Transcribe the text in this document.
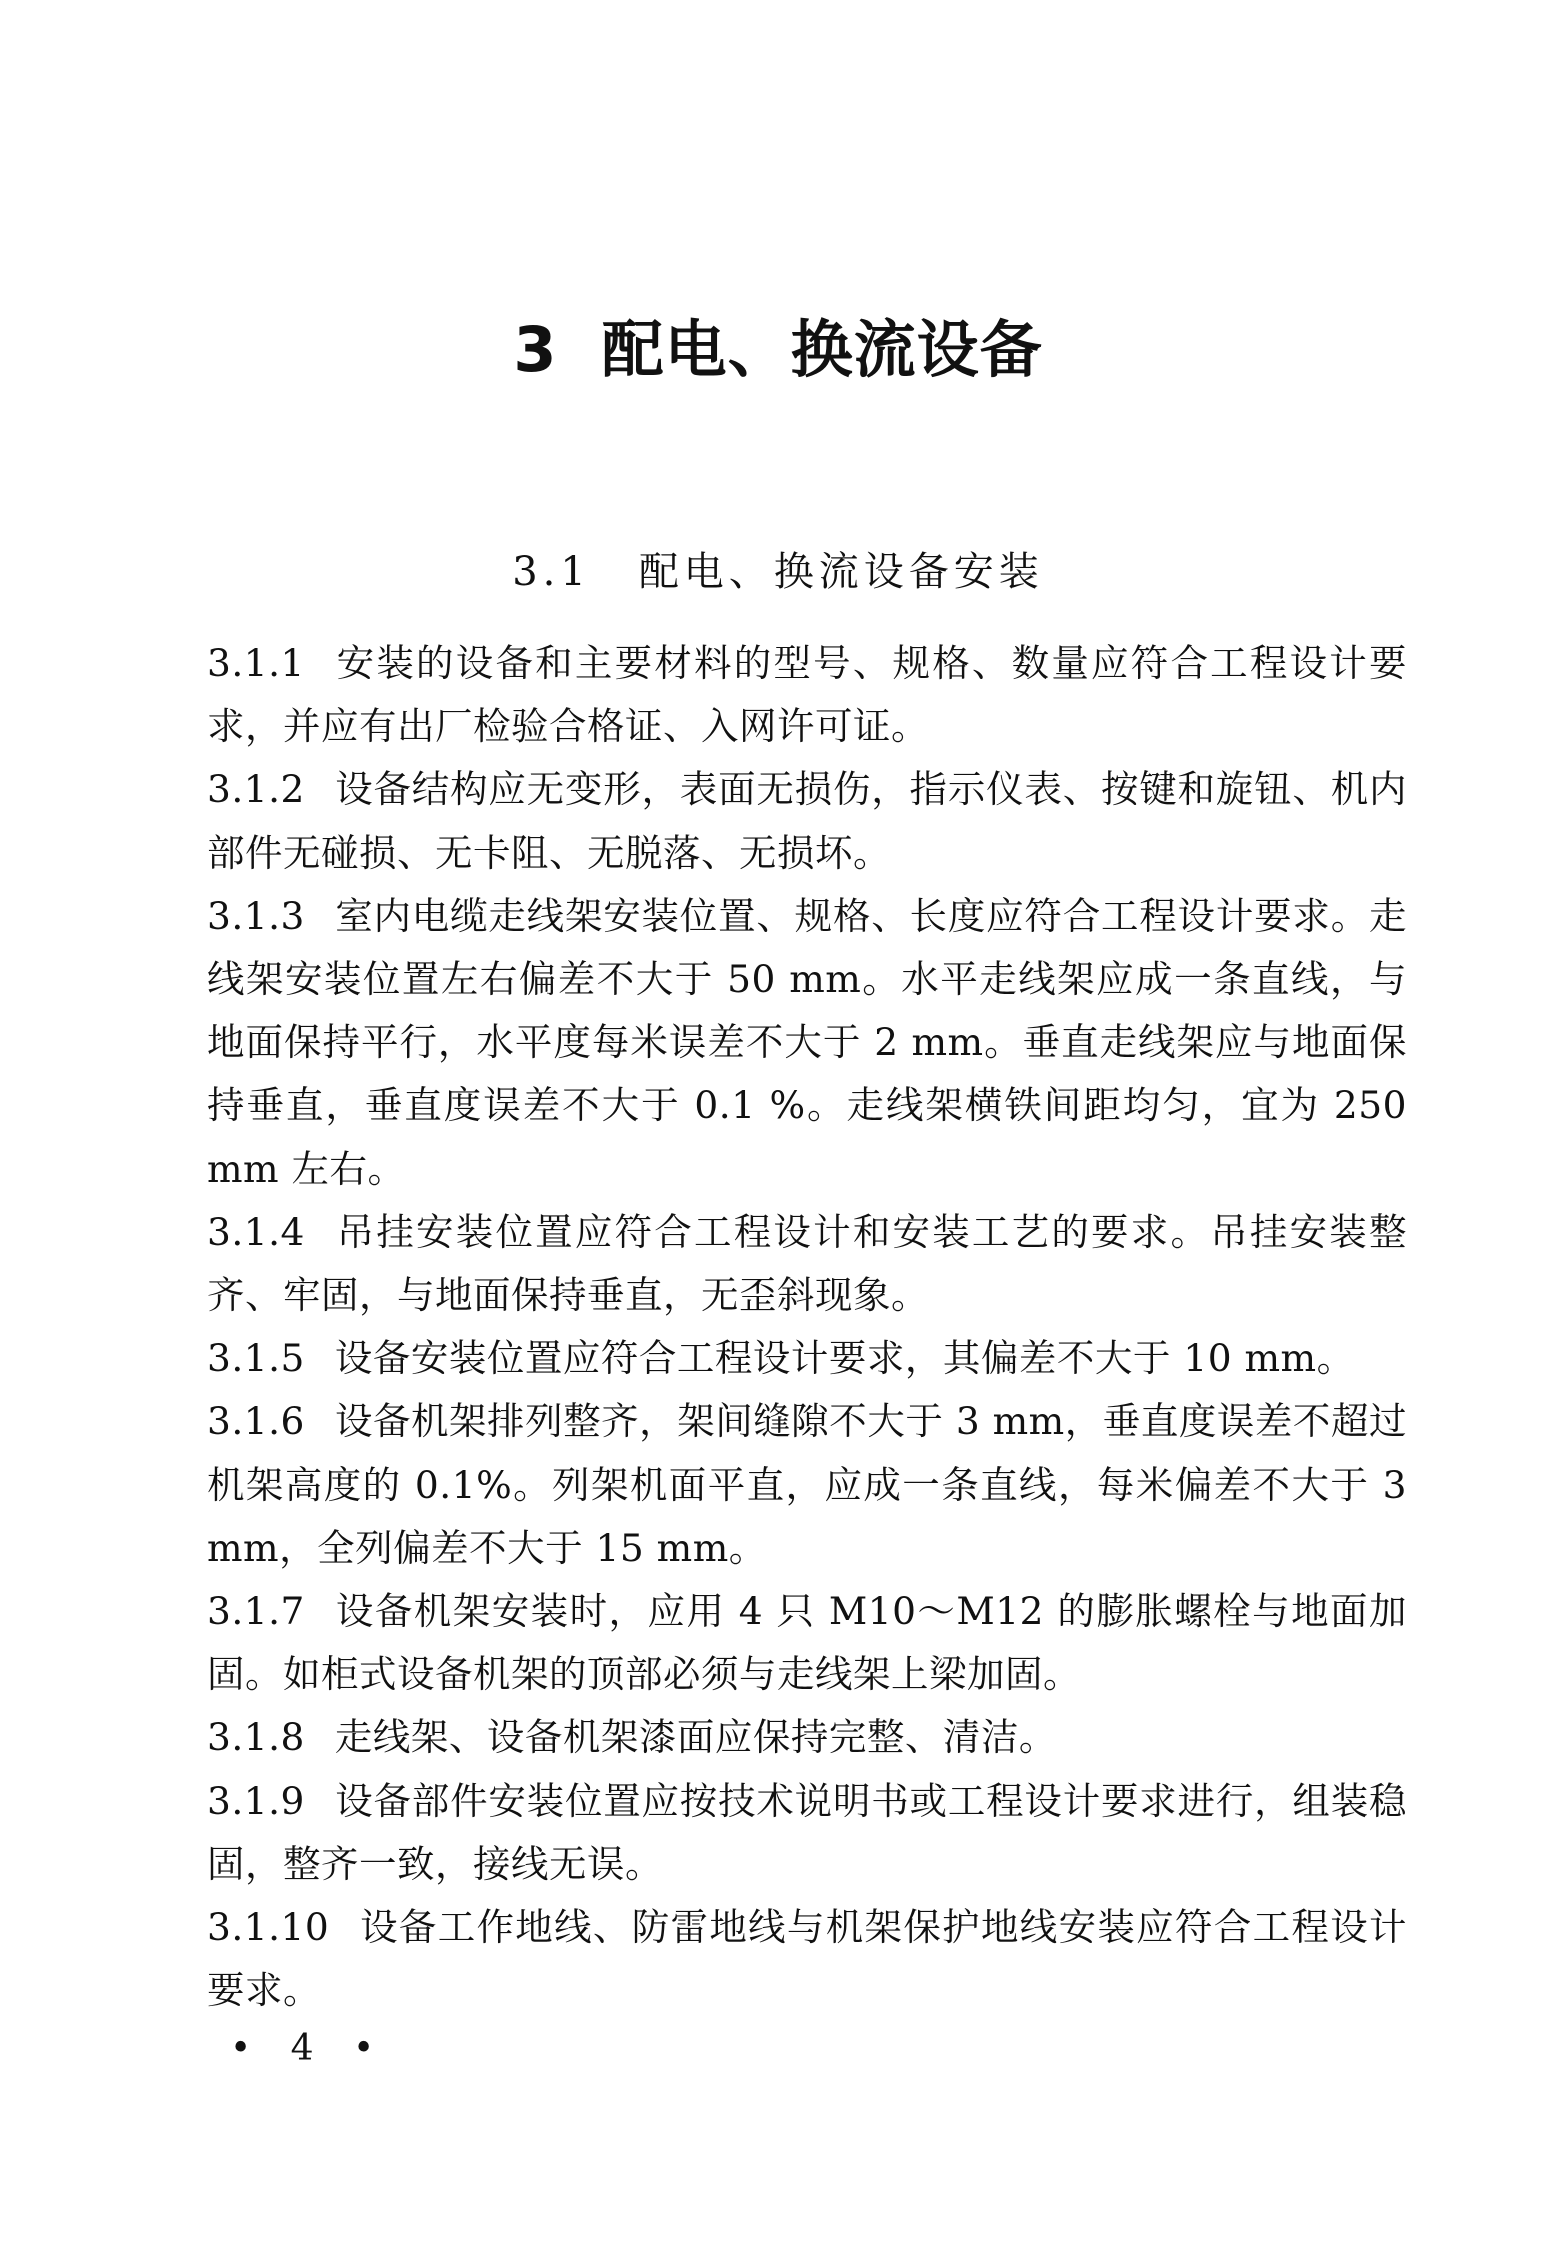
3 配电、换流设备
3.1 配电、换流设备安装

3.1.1 安装的设备和主要材料的型号、规格、数量应符合工程设计要求，并应有出厂检验合格证、入网许可证。

3.1.2 设备结构应无变形，表面无损伤，指示仪表、按键和旋钮、机内部件无碰损、无卡阻、无脱落、无损坏。

3.1.3 室内电缆走线架安装位置、规格、长度应符合工程设计要求。走线架安装位置左右偏差不大于 50 mm。水平走线架应成一条直线，与地面保持平行，水平度每米误差不大于 2 mm。垂直走线架应与地面保持垂直，垂直度误差不大于 0.1 %。走线架横铁间距均匀，宜为 250 mm 左右。

3.1.4 吊挂安装位置应符合工程设计和安装工艺的要求。吊挂安装整齐、牢固，与地面保持垂直，无歪斜现象。

3.1.5 设备安装位置应符合工程设计要求，其偏差不大于 10 mm。

3.1.6 设备机架排列整齐，架间缝隙不大于 3 mm，垂直度误差不超过机架高度的 0.1%。列架机面平直，应成一条直线，每米偏差不大于 3 mm，全列偏差不大于 15 mm。

3.1.7 设备机架安装时，应用 4 只 M10～M12 的膨胀螺栓与地面加固。如柜式设备机架的顶部必须与走线架上梁加固。

3.1.8 走线架、设备机架漆面应保持完整、清洁。

3.1.9 设备部件安装位置应按技术说明书或工程设计要求进行，组装稳固，整齐一致，接线无误。

3.1.10 设备工作地线、防雷地线与机架保护地线安装应符合工程设计要求。

• 4 •
